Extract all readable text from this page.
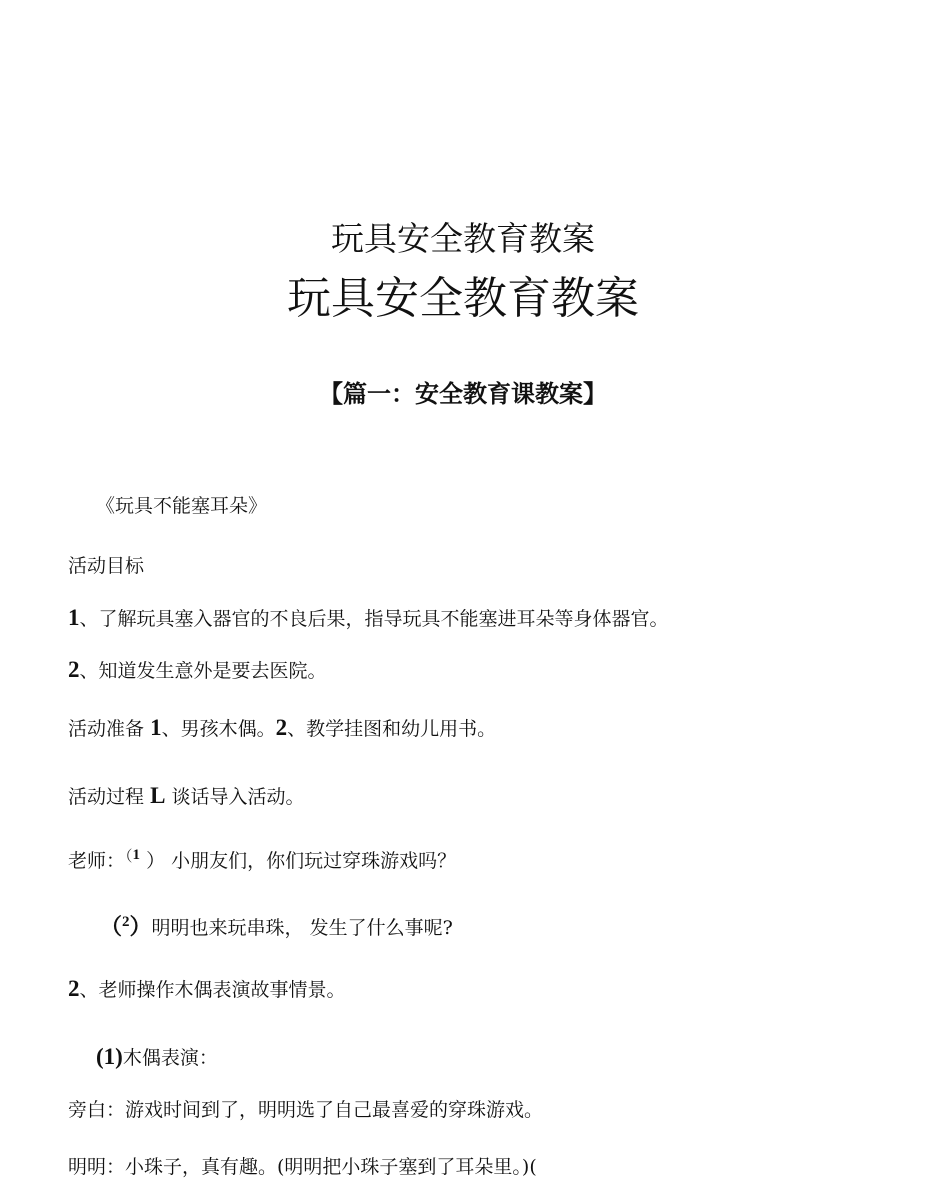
玩具安全教育教案
玩具安全教育教案
【篇一：安全教育课教案】
《玩具不能塞耳朵》
活动目标
1、了解玩具塞入器官的不良后果，指导玩具不能塞进耳朵等身体器官。
2、知道发生意外是要去医院。
活动准备 1、男孩木偶。2、教学挂图和幼儿用书。
活动过程 L 谈话导入活动。
老师：$^{(1}$ ） 小朋友们，你们玩过穿珠游戏吗？
（$^2$）明明也来玩串珠， 发生了什么事呢?
2、老师操作木偶表演故事情景。
(1)木偶表演：
旁白：游戏时间到了，明明选了自己最喜爱的穿珠游戏。
明明：小珠子，真有趣。(明明把小珠子塞到了耳朵里。)(
